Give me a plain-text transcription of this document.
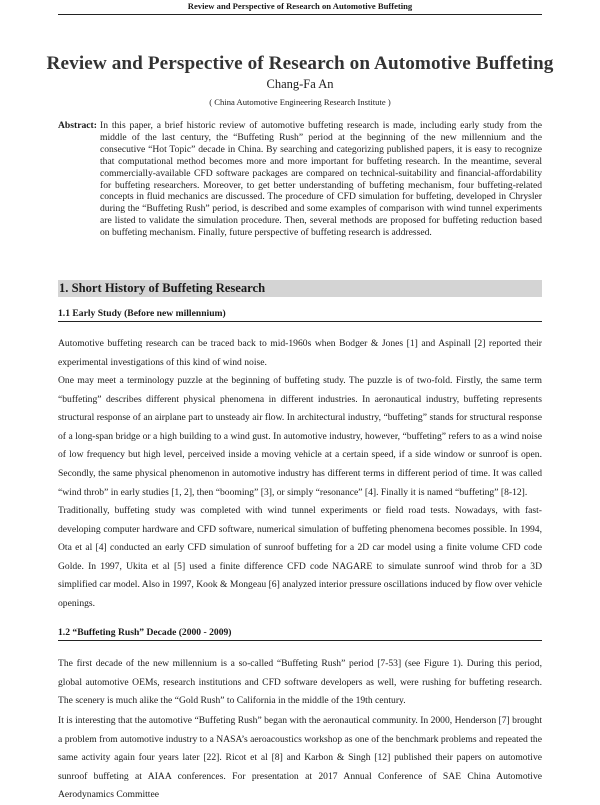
Review and Perspective of Research on Automotive Buffeting
Review and Perspective of Research on Automotive Buffeting
Chang-Fa An
( China Automotive Engineering Research Institute )
Abstract: In this paper, a brief historic review of automotive buffeting research is made, including early study from the middle of the last century, the “Buffeting Rush” period at the beginning of the new millennium and the consecutive “Hot Topic” decade in China. By searching and categorizing published papers, it is easy to recognize that computational method becomes more and more important for buffeting research. In the meantime, several commercially-available CFD software packages are compared on technical-suitability and financial-affordability for buffeting researchers. Moreover, to get better understanding of buffeting mechanism, four buffeting-related concepts in fluid mechanics are discussed. The procedure of CFD simulation for buffeting, developed in Chrysler during the “Buffeting Rush” period, is described and some examples of comparison with wind tunnel experiments are listed to validate the simulation procedure. Then, several methods are proposed for buffeting reduction based on buffeting mechanism. Finally, future perspective of buffeting research is addressed.
1. Short History of Buffeting Research
1.1 Early Study (Before new millennium)
Automotive buffeting research can be traced back to mid-1960s when Bodger & Jones [1] and Aspinall [2] reported their experimental investigations of this kind of wind noise.
One may meet a terminology puzzle at the beginning of buffeting study. The puzzle is of two-fold. Firstly, the same term “buffeting” describes different physical phenomena in different industries. In aeronautical industry, buffeting represents structural response of an airplane part to unsteady air flow. In architectural industry, “buffeting” stands for structural response of a long-span bridge or a high building to a wind gust. In automotive industry, however, “buffeting” refers to as a wind noise of low frequency but high level, perceived inside a moving vehicle at a certain speed, if a side window or sunroof is open. Secondly, the same physical phenomenon in automotive industry has different terms in different period of time. It was called “wind throb” in early studies [1, 2], then “booming” [3], or simply “resonance” [4]. Finally it is named “buffeting” [8-12].
Traditionally, buffeting study was completed with wind tunnel experiments or field road tests. Nowadays, with fast-developing computer hardware and CFD software, numerical simulation of buffeting phenomena becomes possible. In 1994, Ota et al [4] conducted an early CFD simulation of sunroof buffeting for a 2D car model using a finite volume CFD code Golde. In 1997, Ukita et al [5] used a finite difference CFD code NAGARE to simulate sunroof wind throb for a 3D simplified car model. Also in 1997, Kook & Mongeau [6] analyzed interior pressure oscillations induced by flow over vehicle openings.
1.2 “Buffeting Rush” Decade (2000 - 2009)
The first decade of the new millennium is a so-called “Buffeting Rush” period [7-53] (see Figure 1). During this period, global automotive OEMs, research institutions and CFD software developers as well, were rushing for buffeting research. The scenery is much alike the “Gold Rush” to California in the middle of the 19th century.
It is interesting that the automotive “Buffeting Rush” began with the aeronautical community. In 2000, Henderson [7] brought a problem from automotive industry to a NASA’s aeroacoustics workshop as one of the benchmark problems and repeated the same activity again four years later [22]. Ricot et al [8] and Karbon & Singh [12] published their papers on automotive sunroof buffeting at AIAA conferences. For presentation at 2017 Annual Conference of SAE China Automotive Aerodynamics Committee
